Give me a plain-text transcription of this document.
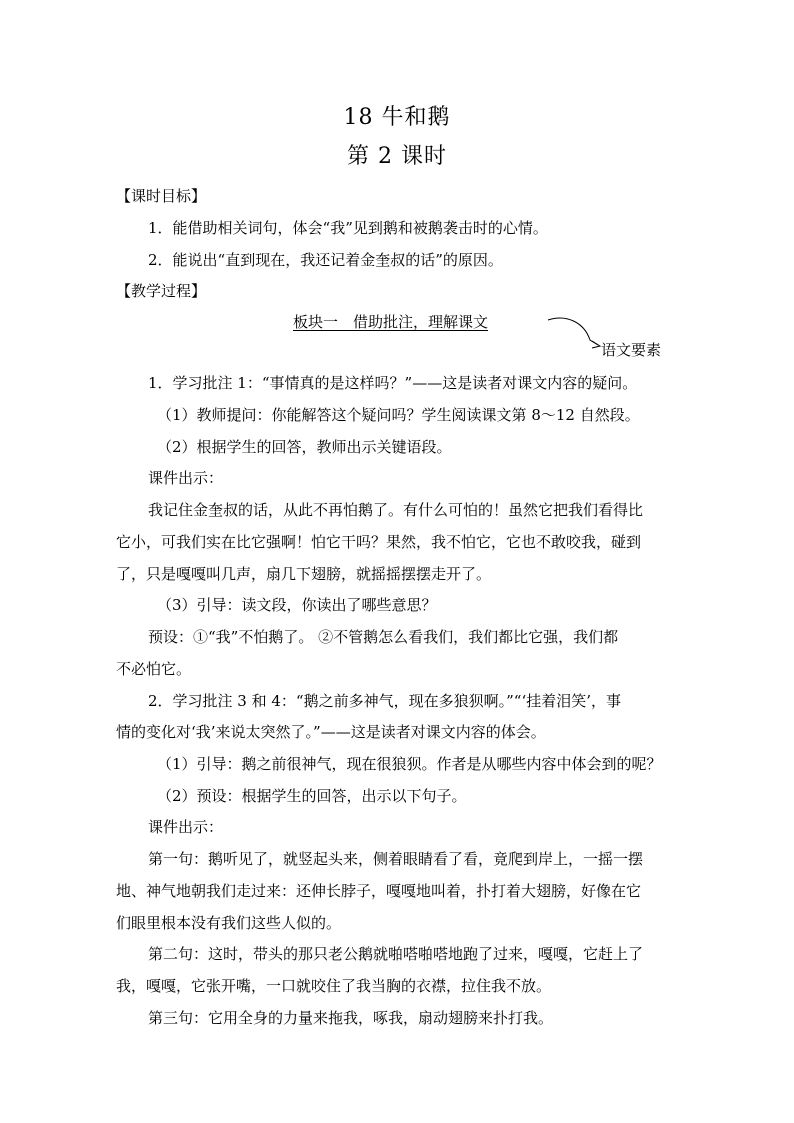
18 牛和鹅
第 2 课时
【课时目标】
1．能借助相关词句，体会“我”见到鹅和被鹅袭击时的心情。
2．能说出“直到现在，我还记着金奎叔的话”的原因。
【教学过程】
板块一　借助批注，理解课文
语文要素
1．学习批注 1：“事情真的是这样吗？”——这是读者对课文内容的疑问。
（1）教师提问：你能解答这个疑问吗？学生阅读课文第 8～12 自然段。
（2）根据学生的回答，教师出示关键语段。
课件出示：
我记住金奎叔的话，从此不再怕鹅了。有什么可怕的！虽然它把我们看得比
它小，可我们实在比它强啊！怕它干吗？果然，我不怕它，它也不敢咬我，碰到
了，只是嘎嘎叫几声，扇几下翅膀，就摇摇摆摆走开了。
（3）引导：读文段，你读出了哪些意思？
预设：①“我”不怕鹅了。 ②不管鹅怎么看我们，我们都比它强，我们都
不必怕它。
2．学习批注 3 和 4：“鹅之前多神气，现在多狼狈啊。”“‘挂着泪笑’，事
情的变化对‘我’来说太突然了。”——这是读者对课文内容的体会。
（1）引导：鹅之前很神气，现在很狼狈。作者是从哪些内容中体会到的呢？
（2）预设：根据学生的回答，出示以下句子。
课件出示：
第一句：鹅听见了，就竖起头来，侧着眼睛看了看，竟爬到岸上，一摇一摆
地、神气地朝我们走过来：还伸长脖子，嘎嘎地叫着，扑打着大翅膀，好像在它
们眼里根本没有我们这些人似的。
第二句：这时，带头的那只老公鹅就啪嗒啪嗒地跑了过来，嘎嘎，它赶上了
我，嘎嘎，它张开嘴，一口就咬住了我当胸的衣襟，拉住我不放。
第三句：它用全身的力量来拖我，啄我，扇动翅膀来扑打我。
